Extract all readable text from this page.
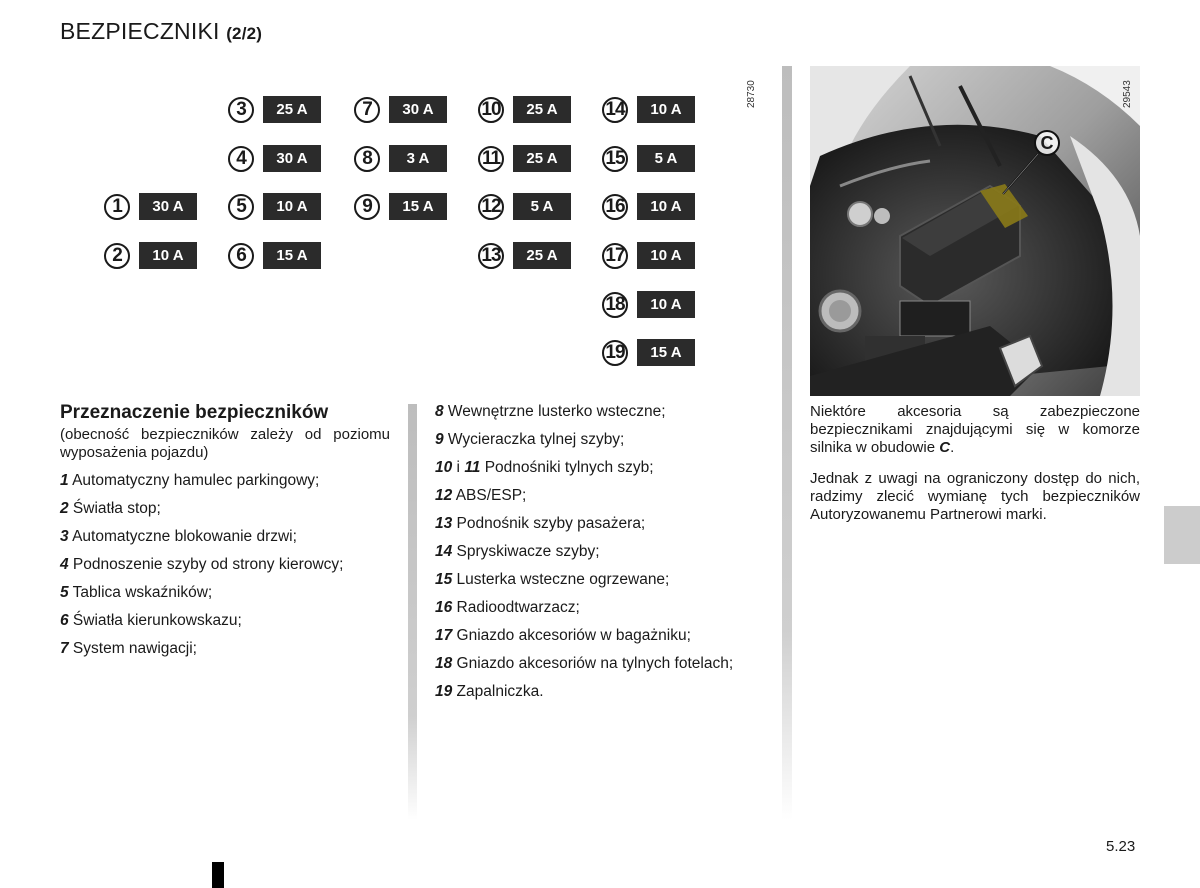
BEZPIECZNIKI (2/2)
28730
1	30 A
2	10 A
3	25 A
4	30 A
5	10 A
6	15 A
7	30 A
8	3 A
9	15 A
10	25 A
11	25 A
12	5 A
13	25 A
14	10 A
15	5 A
16	10 A
17	10 A
18	10 A
19	15 A
Przeznaczenie bezpieczników
(obecność bezpieczników zależy od poziomu wyposażenia pojazdu)
1 Automatyczny hamulec parkingowy;
2 Światła stop;
3 Automatyczne blokowanie drzwi;
4 Podnoszenie szyby od strony kierowcy;
5 Tablica wskaźników;
6 Światła kierunkowskazu;
7 System nawigacji;
8 Wewnętrzne lusterko wsteczne;
9 Wycieraczka tylnej szyby;
10 i 11 Podnośniki tylnych szyb;
12 ABS/ESP;
13 Podnośnik szyby pasażera;
14 Spryskiwacze szyby;
15 Lusterka wsteczne ogrzewane;
16 Radioodtwarzacz;
17 Gniazdo akcesoriów w bagażniku;
18 Gniazdo akcesoriów na tylnych fotelach;
19 Zapalniczka.
C
29543

Niektóre akcesoria są zabezpieczone bezpiecznikami znajdującymi się w komorze silnika w obudowie C.

Jednak z uwagi na ograniczony dostęp do nich, radzimy zlecić wymianę tych bezpieczników Autoryzowanemu Partnerowi marki.

5.23
